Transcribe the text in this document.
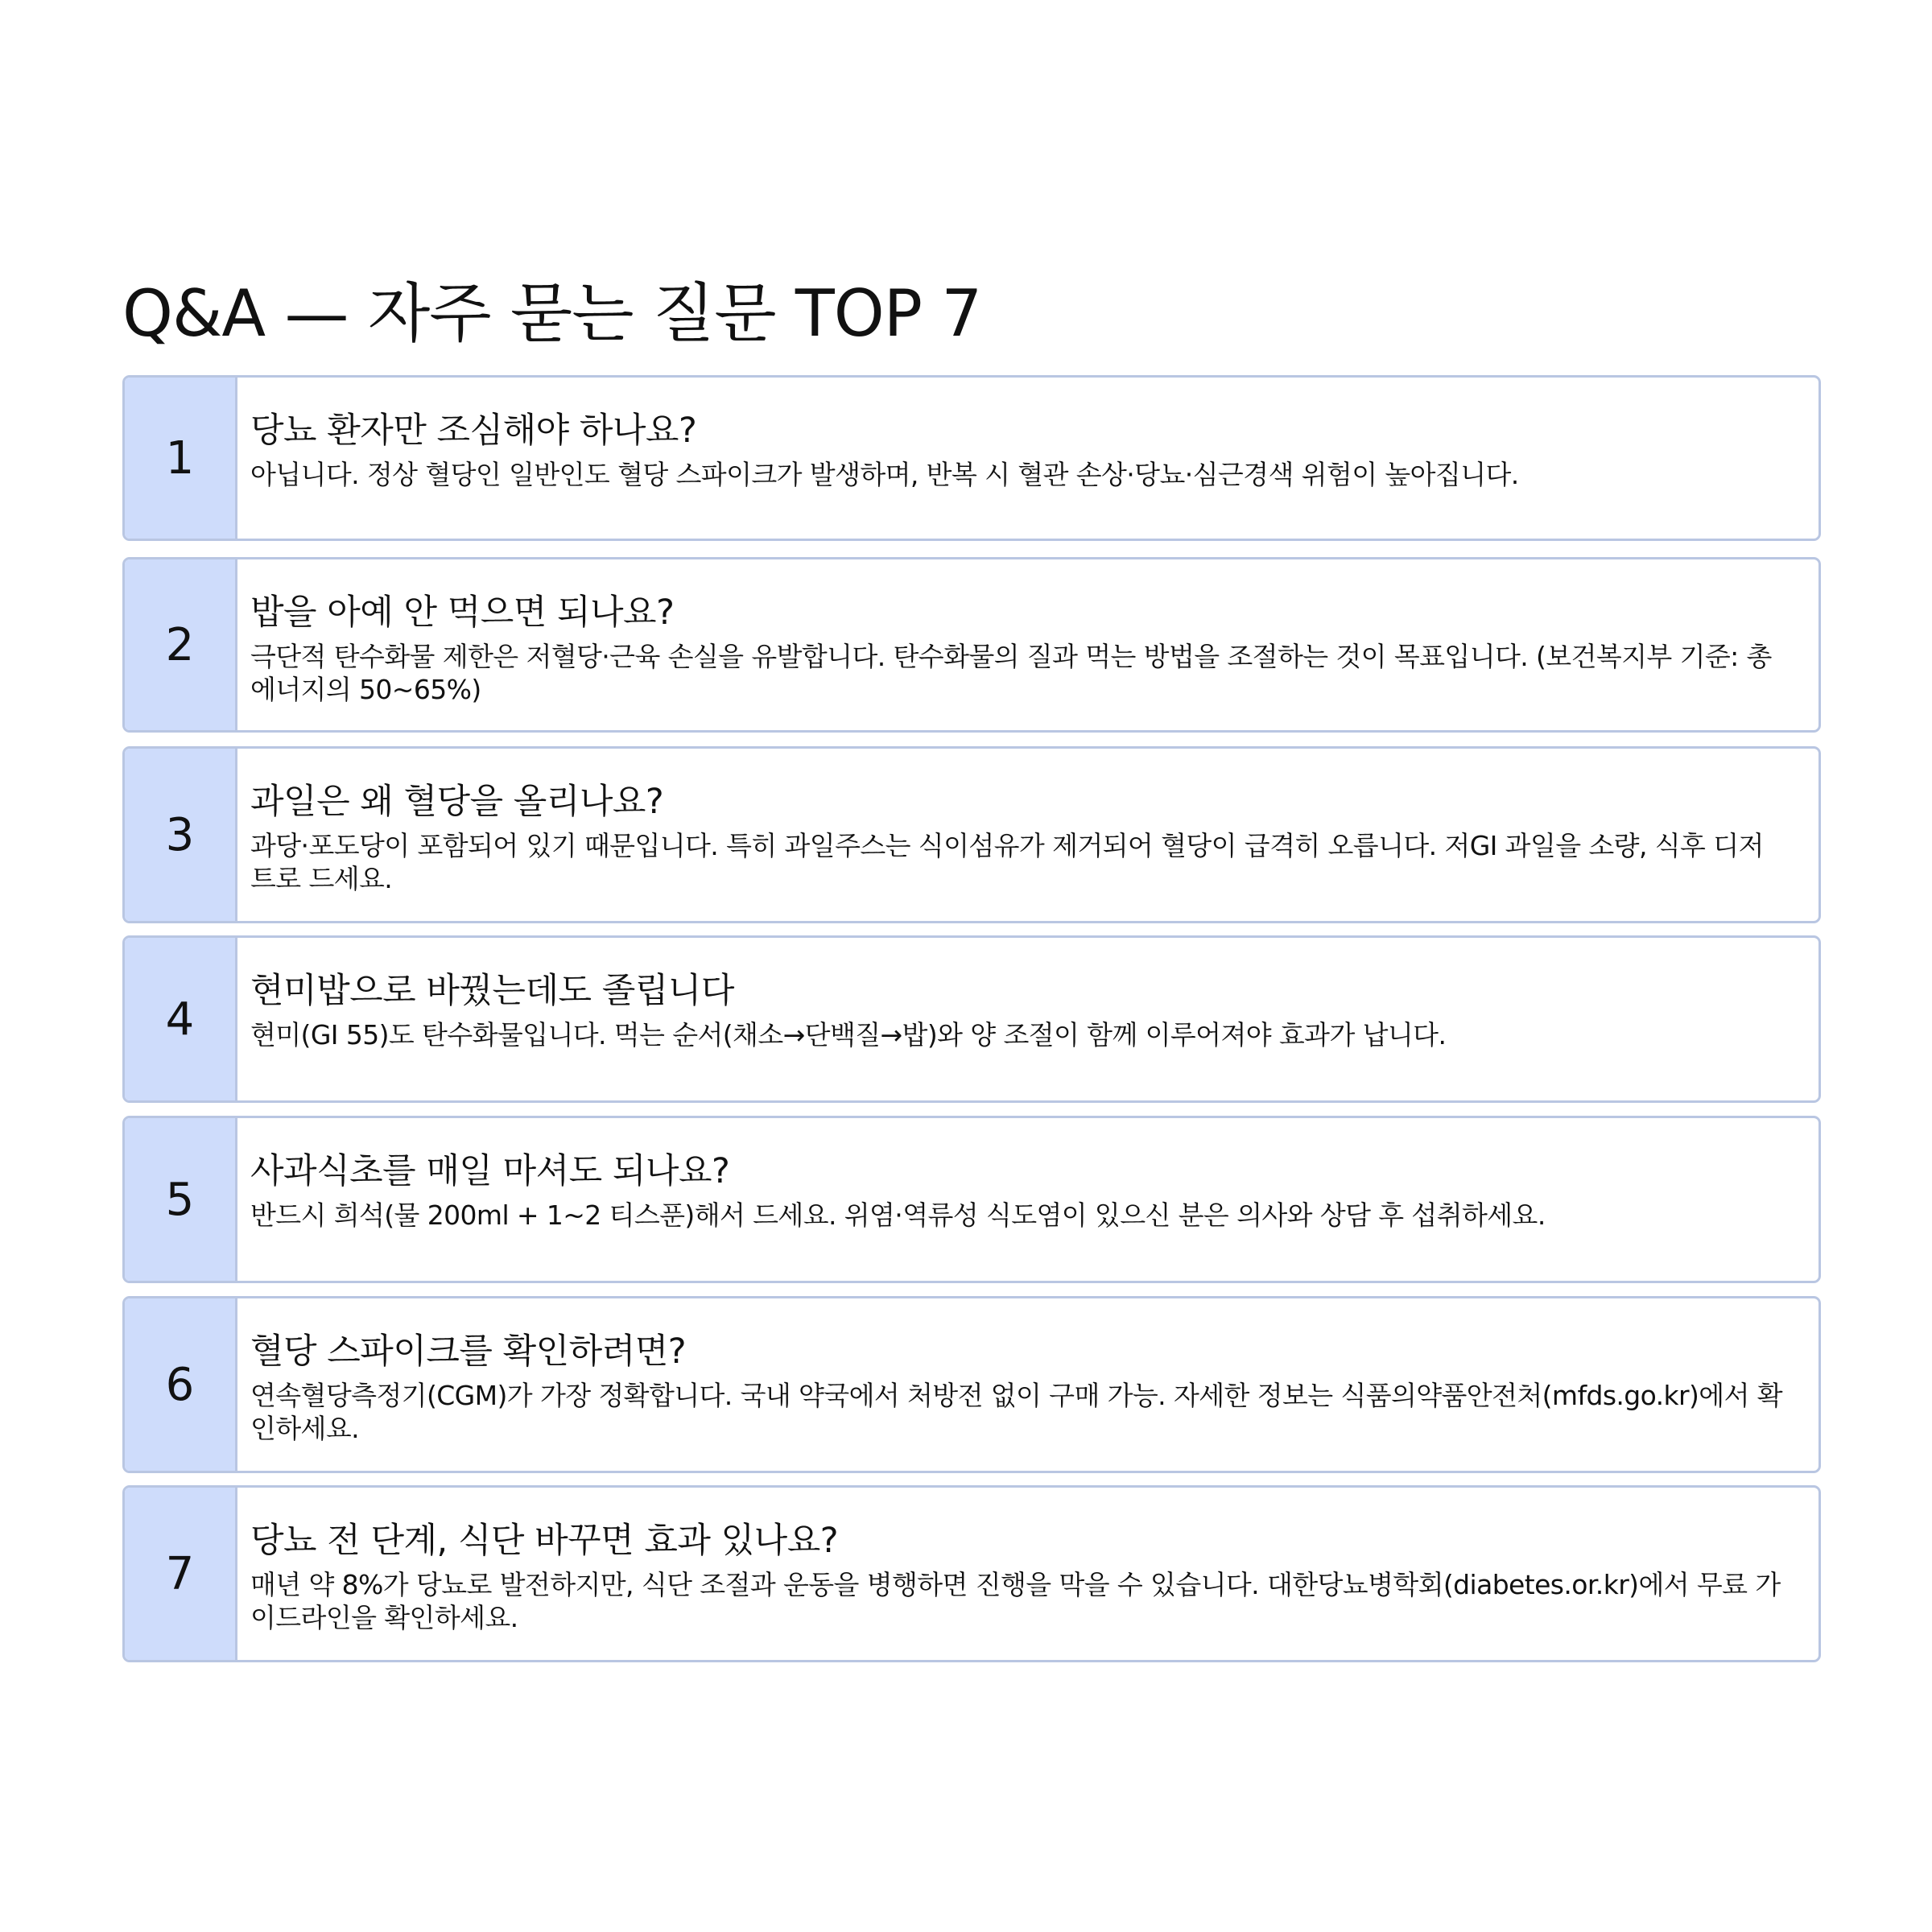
Q&A — 자주 묻는 질문 TOP 7
1
당뇨 환자만 조심해야 하나요?

아닙니다. 정상 혈당인 일반인도 혈당 스파이크가 발생하며, 반복 시 혈관 손상·당뇨·심근경색 위험이 높아집니다.

2
밥을 아예 안 먹으면 되나요?

극단적 탄수화물 제한은 저혈당·근육 손실을 유발합니다. 탄수화물의 질과 먹는 방법을 조절하는 것이 목표입니다. (보건복지부 기준: 총 에너지의 50~65%)

3
과일은 왜 혈당을 올리나요?

과당·포도당이 포함되어 있기 때문입니다. 특히 과일주스는 식이섬유가 제거되어 혈당이 급격히 오릅니다. 저GI 과일을 소량, 식후 디저트로 드세요.

4
현미밥으로 바꿨는데도 졸립니다

현미(GI 55)도 탄수화물입니다. 먹는 순서(채소→단백질→밥)와 양 조절이 함께 이루어져야 효과가 납니다.

5
사과식초를 매일 마셔도 되나요?

반드시 희석(물 200ml + 1~2 티스푼)해서 드세요. 위염·역류성 식도염이 있으신 분은 의사와 상담 후 섭취하세요.

6
혈당 스파이크를 확인하려면?

연속혈당측정기(CGM)가 가장 정확합니다. 국내 약국에서 처방전 없이 구매 가능. 자세한 정보는 식품의약품안전처(mfds.go.kr)에서 확인하세요.

7
당뇨 전 단계, 식단 바꾸면 효과 있나요?

매년 약 8%가 당뇨로 발전하지만, 식단 조절과 운동을 병행하면 진행을 막을 수 있습니다. 대한당뇨병학회(diabetes.or.kr)에서 무료 가이드라인을 확인하세요.
